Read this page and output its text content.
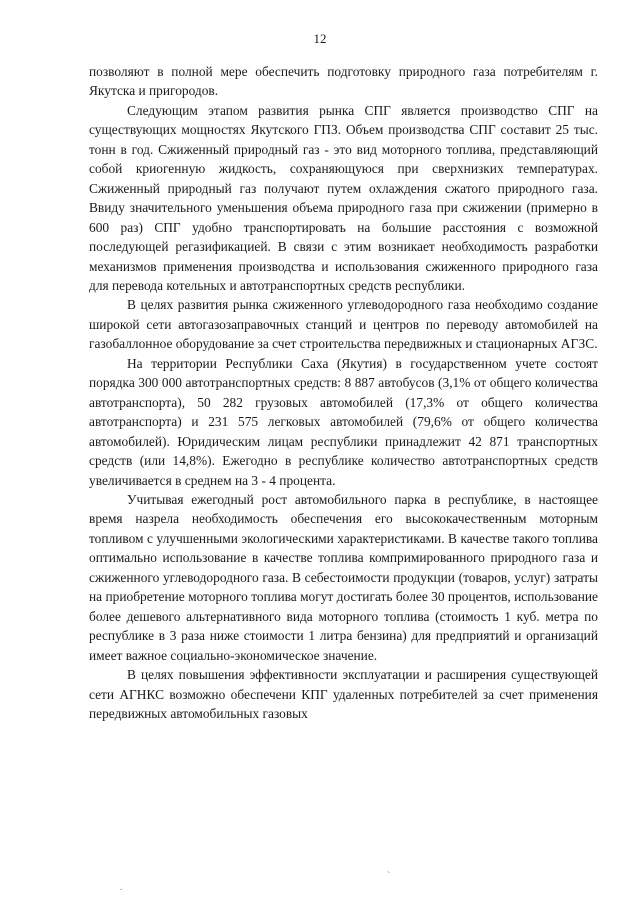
12

позволяют в полной мере обеспечить подготовку природного газа потребителям г. Якутска и пригородов.

Следующим этапом развития рынка СПГ является производство СПГ на существующих мощностях Якутского ГПЗ. Объем производства СПГ составит 25 тыс. тонн в год. Сжиженный природный газ - это вид моторного топлива, представляющий собой криогенную жидкость, сохраняющуюся при сверхнизких температурах. Сжиженный природный газ получают путем охлаждения сжатого природного газа. Ввиду значительного уменьшения объема природного газа при сжижении (примерно в 600 раз) СПГ удобно транспортировать на большие расстояния с возможной последующей регазификацией. В связи с этим возникает необходимость разработки механизмов применения производства и использования сжиженного природного газа для перевода котельных и автотранспортных средств республики.

В целях развития рынка сжиженного углеводородного газа необходимо создание широкой сети автогазозаправочных станций и центров по переводу автомобилей на газобаллонное оборудование за счет строительства передвижных и стационарных АГЗС.

На территории Республики Саха (Якутия) в государственном учете состоят порядка 300 000 автотранспортных средств: 8 887 автобусов (3,1% от общего количества автотранспорта), 50 282 грузовых автомобилей (17,3% от общего количества автотранспорта) и 231 575 легковых автомобилей (79,6% от общего количества автомобилей). Юридическим лицам республики принадлежит 42 871 транспортных средств (или 14,8%). Ежегодно в республике количество автотранспортных средств увеличивается в среднем на 3 - 4 процента.

Учитывая ежегодный рост автомобильного парка в республике, в настоящее время назрела необходимость обеспечения его высококачественным моторным топливом с улучшенными экологическими характеристиками. В качестве такого топлива оптимально использование в качестве топлива компримированного природного газа и сжиженного углеводородного газа. В себестоимости продукции (товаров, услуг) затраты на приобретение моторного топлива могут достигать более 30 процентов, использование более дешевого альтернативного вида моторного топлива (стоимость 1 куб. метра по республике в 3 раза ниже стоимости 1 литра бензина) для предприятий и организаций имеет важное социально-экономическое значение.

В целях повышения эффективности эксплуатации и расширения существующей сети АГНКС возможно обеспечени КПГ удаленных потребителей за счет применения передвижных автомобильных газовых

.
`
